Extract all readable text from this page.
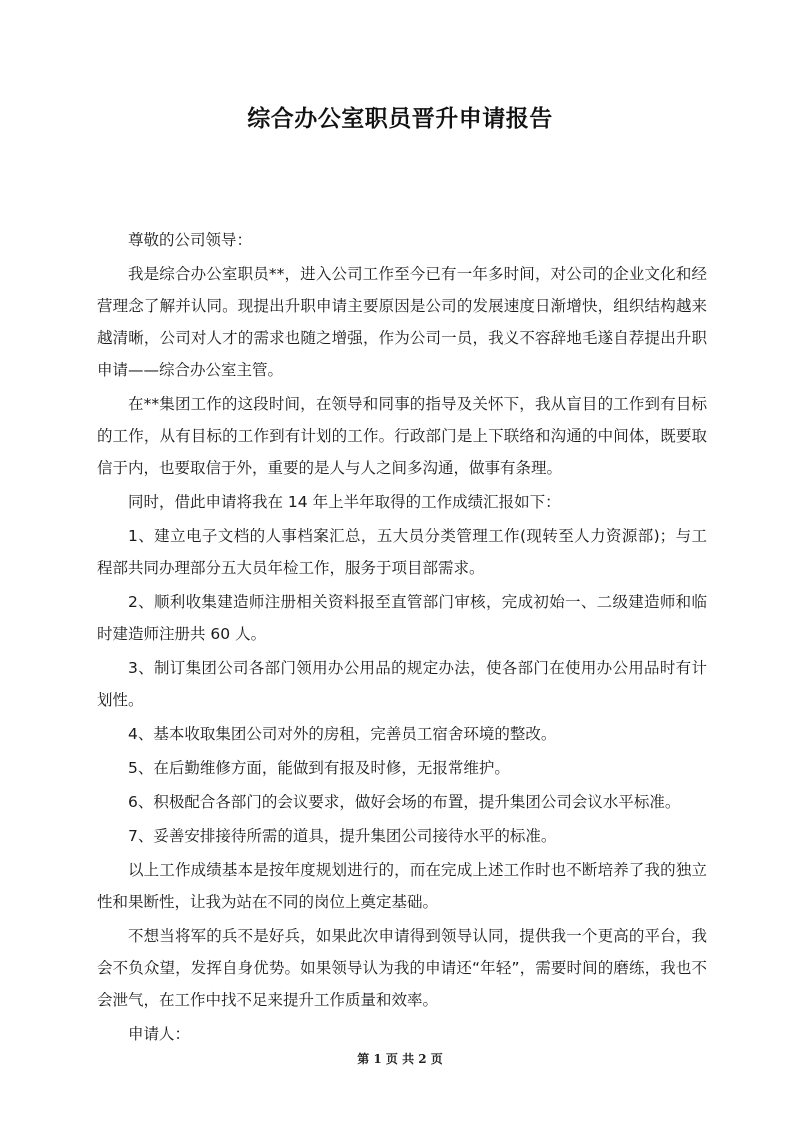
综合办公室职员晋升申请报告

尊敬的公司领导：

我是综合办公室职员**，进入公司工作至今已有一年多时间，对公司的企业文化和经营理念了解并认同。现提出升职申请主要原因是公司的发展速度日渐增快，组织结构越来越清晰，公司对人才的需求也随之增强，作为公司一员，我义不容辞地毛遂自荐提出升职申请——综合办公室主管。

在**集团工作的这段时间，在领导和同事的指导及关怀下，我从盲目的工作到有目标的工作，从有目标的工作到有计划的工作。行政部门是上下联络和沟通的中间体，既要取信于内，也要取信于外，重要的是人与人之间多沟通，做事有条理。

同时，借此申请将我在 14 年上半年取得的工作成绩汇报如下：

1、建立电子文档的人事档案汇总，五大员分类管理工作(现转至人力资源部)；与工程部共同办理部分五大员年检工作，服务于项目部需求。

2、顺利收集建造师注册相关资料报至直管部门审核，完成初始一、二级建造师和临时建造师注册共 60 人。

3、制订集团公司各部门领用办公用品的规定办法，使各部门在使用办公用品时有计划性。

4、基本收取集团公司对外的房租，完善员工宿舍环境的整改。

5、在后勤维修方面，能做到有报及时修，无报常维护。

6、积极配合各部门的会议要求，做好会场的布置，提升集团公司会议水平标准。

7、妥善安排接待所需的道具，提升集团公司接待水平的标准。

以上工作成绩基本是按年度规划进行的，而在完成上述工作时也不断培养了我的独立性和果断性，让我为站在不同的岗位上奠定基础。

不想当将军的兵不是好兵，如果此次申请得到领导认同，提供我一个更高的平台，我会不负众望，发挥自身优势。如果领导认为我的申请还“年轻”，需要时间的磨练，我也不会泄气，在工作中找不足来提升工作质量和效率。

申请人：

第 1 页 共 2 页
